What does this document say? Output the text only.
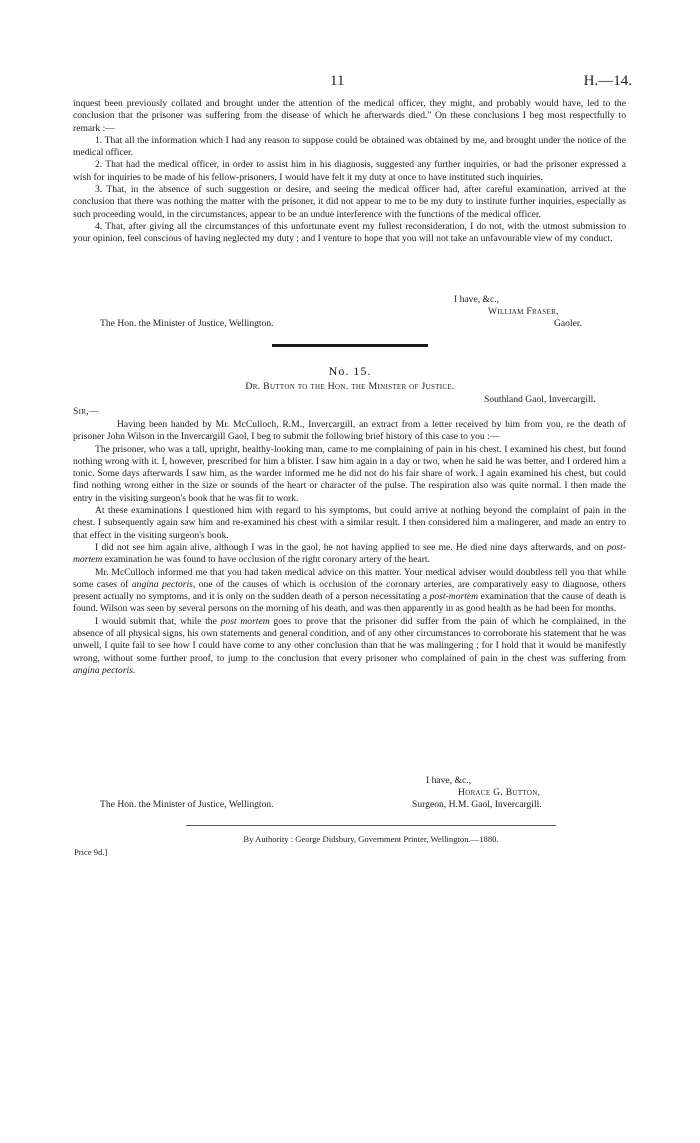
11	H.—14.

inquest been previously collated and brought under the attention of the medical officer, they might, and probably would have, led to the conclusion that the prisoner was suffering from the disease of which he afterwards died." On these conclusions I beg most respectfully to remark :—

1. That all the information which I had any reason to suppose could be obtained was obtained by me, and brought under the notice of the medical officer.

2. That had the medical officer, in order to assist him in his diagnosis, suggested any further inquiries, or had the prisoner expressed a wish for inquiries to be made of his fellow-prisoners, I would have felt it my duty at once to have instituted such inquiries.

3. That, in the absence of such suggestion or desire, and seeing the medical officer had, after careful examination, arrived at the conclusion that there was nothing the matter with the prisoner, it did not appear to me to be my duty to institute further inquiries, especially as such proceeding would, in the circumstances, appear to be an undue interference with the functions of the medical officer.

4. That, after giving all the circumstances of this unfortunate event my fullest reconsideration, I do not, with the utmost submission to your opinion, feel conscious of having neglected my duty ; and I venture to hope that you will not take an unfavourable view of my conduct.

I have, &c.,
William Fraser,
The Hon. the Minister of Justice, Wellington.	Gaoler.
No. 15.
Dr. Button to the Hon. the Minister of Justice.
Southland Gaol, Invercargill.
Sir,—

Having been handed by Mr. McCulloch, R.M., Invercargill, an extract from a letter received by him from you, re the death of prisoner John Wilson in the Invercargill Gaol, I beg to submit the following brief history of this case to you :—

The prisoner, who was a tall, upright, healthy-looking man, came to me complaining of pain in his chest. I examined his chest, but found nothing wrong with it. I, however, prescribed for him a blister. I saw him again in a day or two, when he said he was better, and I ordered him a tonic. Some days afterwards I saw him, as the warder informed me he did not do his fair share of work. I again examined his chest, but could find nothing wrong either in the size or sounds of the heart or character of the pulse. The respiration also was quite normal. I then made the entry in the visiting surgeon's book that he was fit to work.

At these examinations I questioned him with regard to his symptoms, but could arrive at nothing beyond the complaint of pain in the chest. I subsequently again saw him and re-examined his chest with a similar result. I then considered him a malingerer, and made an entry to that effect in the visiting surgeon's book.

I did not see him again alive, although I was in the gaol, he not having applied to see me. He died nine days afterwards, and on post-mortem examination he was found to have occlusion of the right coronary artery of the heart.

Mr. McCulloch informed me that you had taken medical advice on this matter. Your medical adviser would doubtless tell you that while some cases of angina pectoris, one of the causes of which is occlusion of the coronary arteries, are comparatively easy to diagnose, others present actually no symptoms, and it is only on the sudden death of a person necessitating a post-mortem examination that the cause of death is found. Wilson was seen by several persons on the morning of his death, and was then apparently in as good health as he had been for months.

I would submit that, while the post mortem goes to prove that the prisoner did suffer from the pain of which he complained, in the absence of all physical signs, his own statements and general condition, and of any other circumstances to corroborate his statement that he was unwell, I quite fail to see how I could have come to any other conclusion than that he was malingering ; for I hold that it would be manifestly wrong, without some further proof, to jump to the conclusion that every prisoner who complained of pain in the chest was suffering from angina pectoris.

I have, &c.,
Horace G. Button,
The Hon. the Minister of Justice, Wellington.	Surgeon, H.M. Gaol, Invercargill.
By Authority : George Didsbury, Government Printer, Wellington.—1880.
Price 9d.]
